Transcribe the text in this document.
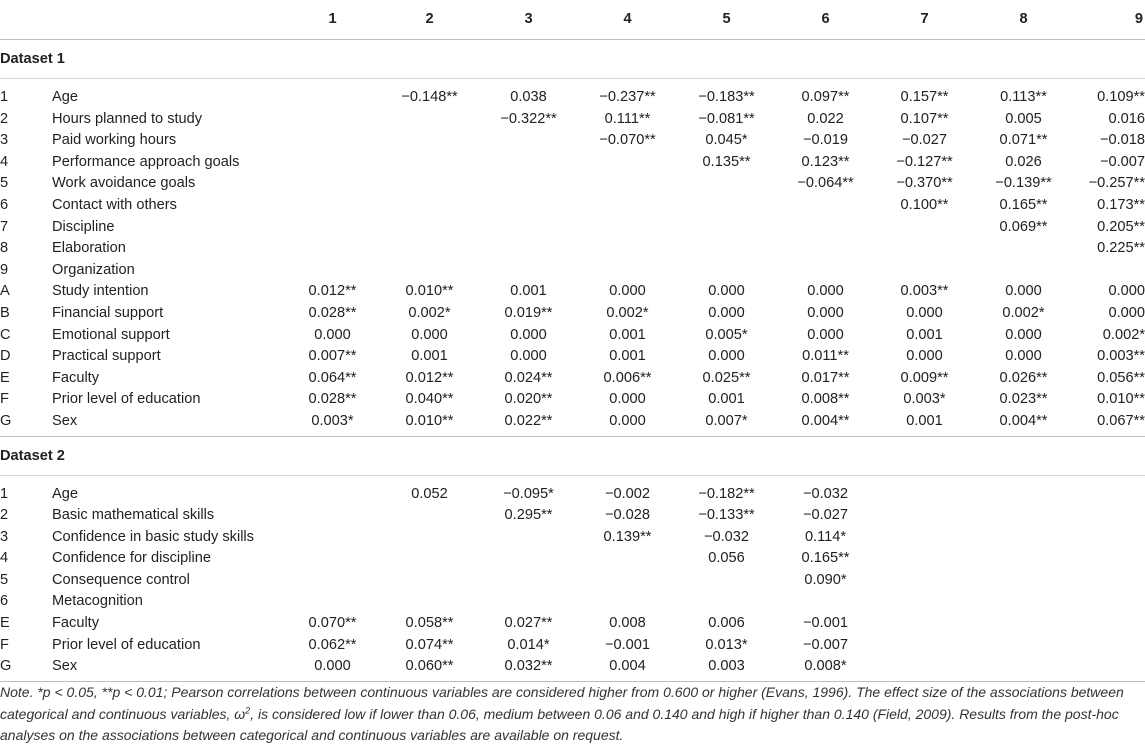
		1	2	3	4	5	6	7	8	9
Dataset 1										

1	Age		−0.148**	0.038	−0.237**	−0.183**	0.097**	0.157**	0.113**	0.109**
2	Hours planned to study			−0.322**	0.111**	−0.081**	0.022	0.107**	0.005	0.016
3	Paid working hours				−0.070**	0.045*	−0.019	−0.027	0.071**	−0.018
4	Performance approach goals					0.135**	0.123**	−0.127**	0.026	−0.007
5	Work avoidance goals						−0.064**	−0.370**	−0.139**	−0.257**
6	Contact with others							0.100**	0.165**	0.173**
7	Discipline								0.069**	0.205**
8	Elaboration									0.225**
9	Organization									
A	Study intention	0.012**	0.010**	0.001	0.000	0.000	0.000	0.003**	0.000	0.000
B	Financial support	0.028**	0.002*	0.019**	0.002*	0.000	0.000	0.000	0.002*	0.000
C	Emotional support	0.000	0.000	0.000	0.001	0.005*	0.000	0.001	0.000	0.002*
D	Practical support	0.007**	0.001	0.000	0.001	0.000	0.011**	0.000	0.000	0.003**
E	Faculty	0.064**	0.012**	0.024**	0.006**	0.025**	0.017**	0.009**	0.026**	0.056**
F	Prior level of education	0.028**	0.040**	0.020**	0.000	0.001	0.008**	0.003*	0.023**	0.010**
G	Sex	0.003*	0.010**	0.022**	0.000	0.007*	0.004**	0.001	0.004**	0.067**

Dataset 2										

1	Age		0.052	−0.095*	−0.002	−0.182**	−0.032			
2	Basic mathematical skills			0.295**	−0.028	−0.133**	−0.027			
3	Confidence in basic study skills				0.139**	−0.032	0.114*			
4	Confidence for discipline					0.056	0.165**			
5	Consequence control						0.090*			
6	Metacognition									
E	Faculty	0.070**	0.058**	0.027**	0.008	0.006	−0.001			
F	Prior level of education	0.062**	0.074**	0.014*	−0.001	0.013*	−0.007			
G	Sex	0.000	0.060**	0.032**	0.004	0.003	0.008*			

Note. *p < 0.05, **p < 0.01; Pearson correlations between continuous variables are considered higher from 0.600 or higher (Evans, 1996). The effect size of the associations between categorical and continuous variables, $\omega^2$, is considered low if lower than 0.06, medium between 0.06 and 0.140 and high if higher than 0.140 (Field, 2009). Results from the post-hoc analyses on the associations between categorical and continuous variables are available on request.
